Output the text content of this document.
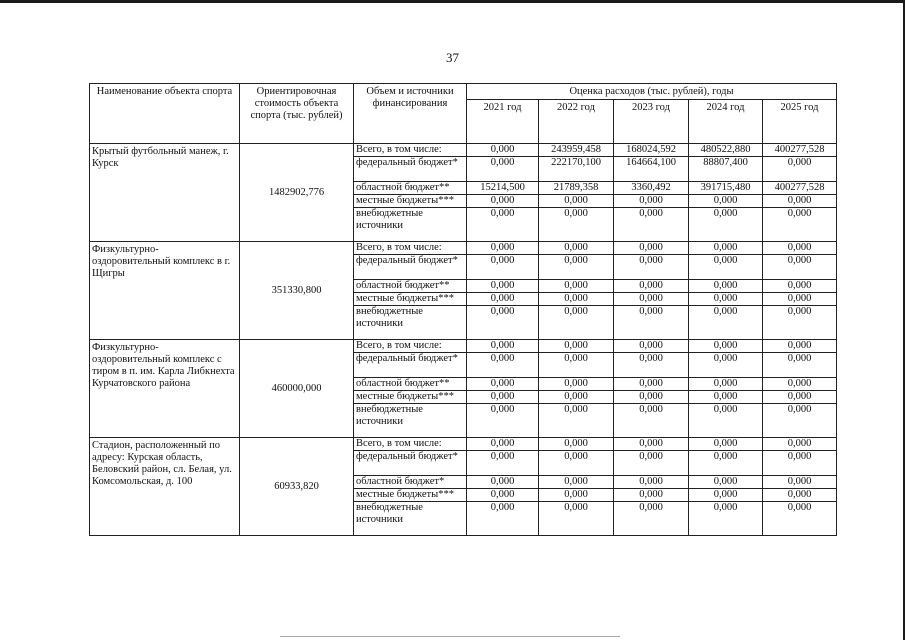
37
Наименование объекта спорта	Ориентировочная стоимость объекта спорта (тыс. рублей)	Объем и источники финансирования	Оценка расходов (тыс. рублей), годы				
			2021 год	2022 год	2023 год	2024 год	2025 год
Крытый футбольный манеж, г. Курск	1482902,776	Всего, в том числе:	0,000	243959,458	168024,592	480522,880	400277,528
		федеральный бюджет*	0,000	222170,100	164664,100	88807,400	0,000
		областной бюджет**	15214,500	21789,358	3360,492	391715,480	400277,528
		местные бюджеты***	0,000	0,000	0,000	0,000	0,000
		внебюджетные источники	0,000	0,000	0,000	0,000	0,000
Физкультурно-оздоровительный комплекс в г. Щигры	351330,800	Всего, в том числе:	0,000	0,000	0,000	0,000	0,000
		федеральный бюджет*	0,000	0,000	0,000	0,000	0,000
		областной бюджет**	0,000	0,000	0,000	0,000	0,000
		местные бюджеты***	0,000	0,000	0,000	0,000	0,000
		внебюджетные источники	0,000	0,000	0,000	0,000	0,000
Физкультурно-оздоровительный комплекс с тиром в п. им. Карла Либкнехта Курчатовского района	460000,000	Всего, в том числе:	0,000	0,000	0,000	0,000	0,000
		федеральный бюджет*	0,000	0,000	0,000	0,000	0,000
		областной бюджет**	0,000	0,000	0,000	0,000	0,000
		местные бюджеты***	0,000	0,000	0,000	0,000	0,000
		внебюджетные источники	0,000	0,000	0,000	0,000	0,000
Стадион, расположенный по адресу: Курская область, Беловский район, сл. Белая, ул. Комсомольская, д. 100	60933,820	Всего, в том числе:	0,000	0,000	0,000	0,000	0,000
		федеральный бюджет*	0,000	0,000	0,000	0,000	0,000
		областной бюджет*	0,000	0,000	0,000	0,000	0,000
		местные бюджеты***	0,000	0,000	0,000	0,000	0,000
		внебюджетные источники	0,000	0,000	0,000	0,000	0,000
